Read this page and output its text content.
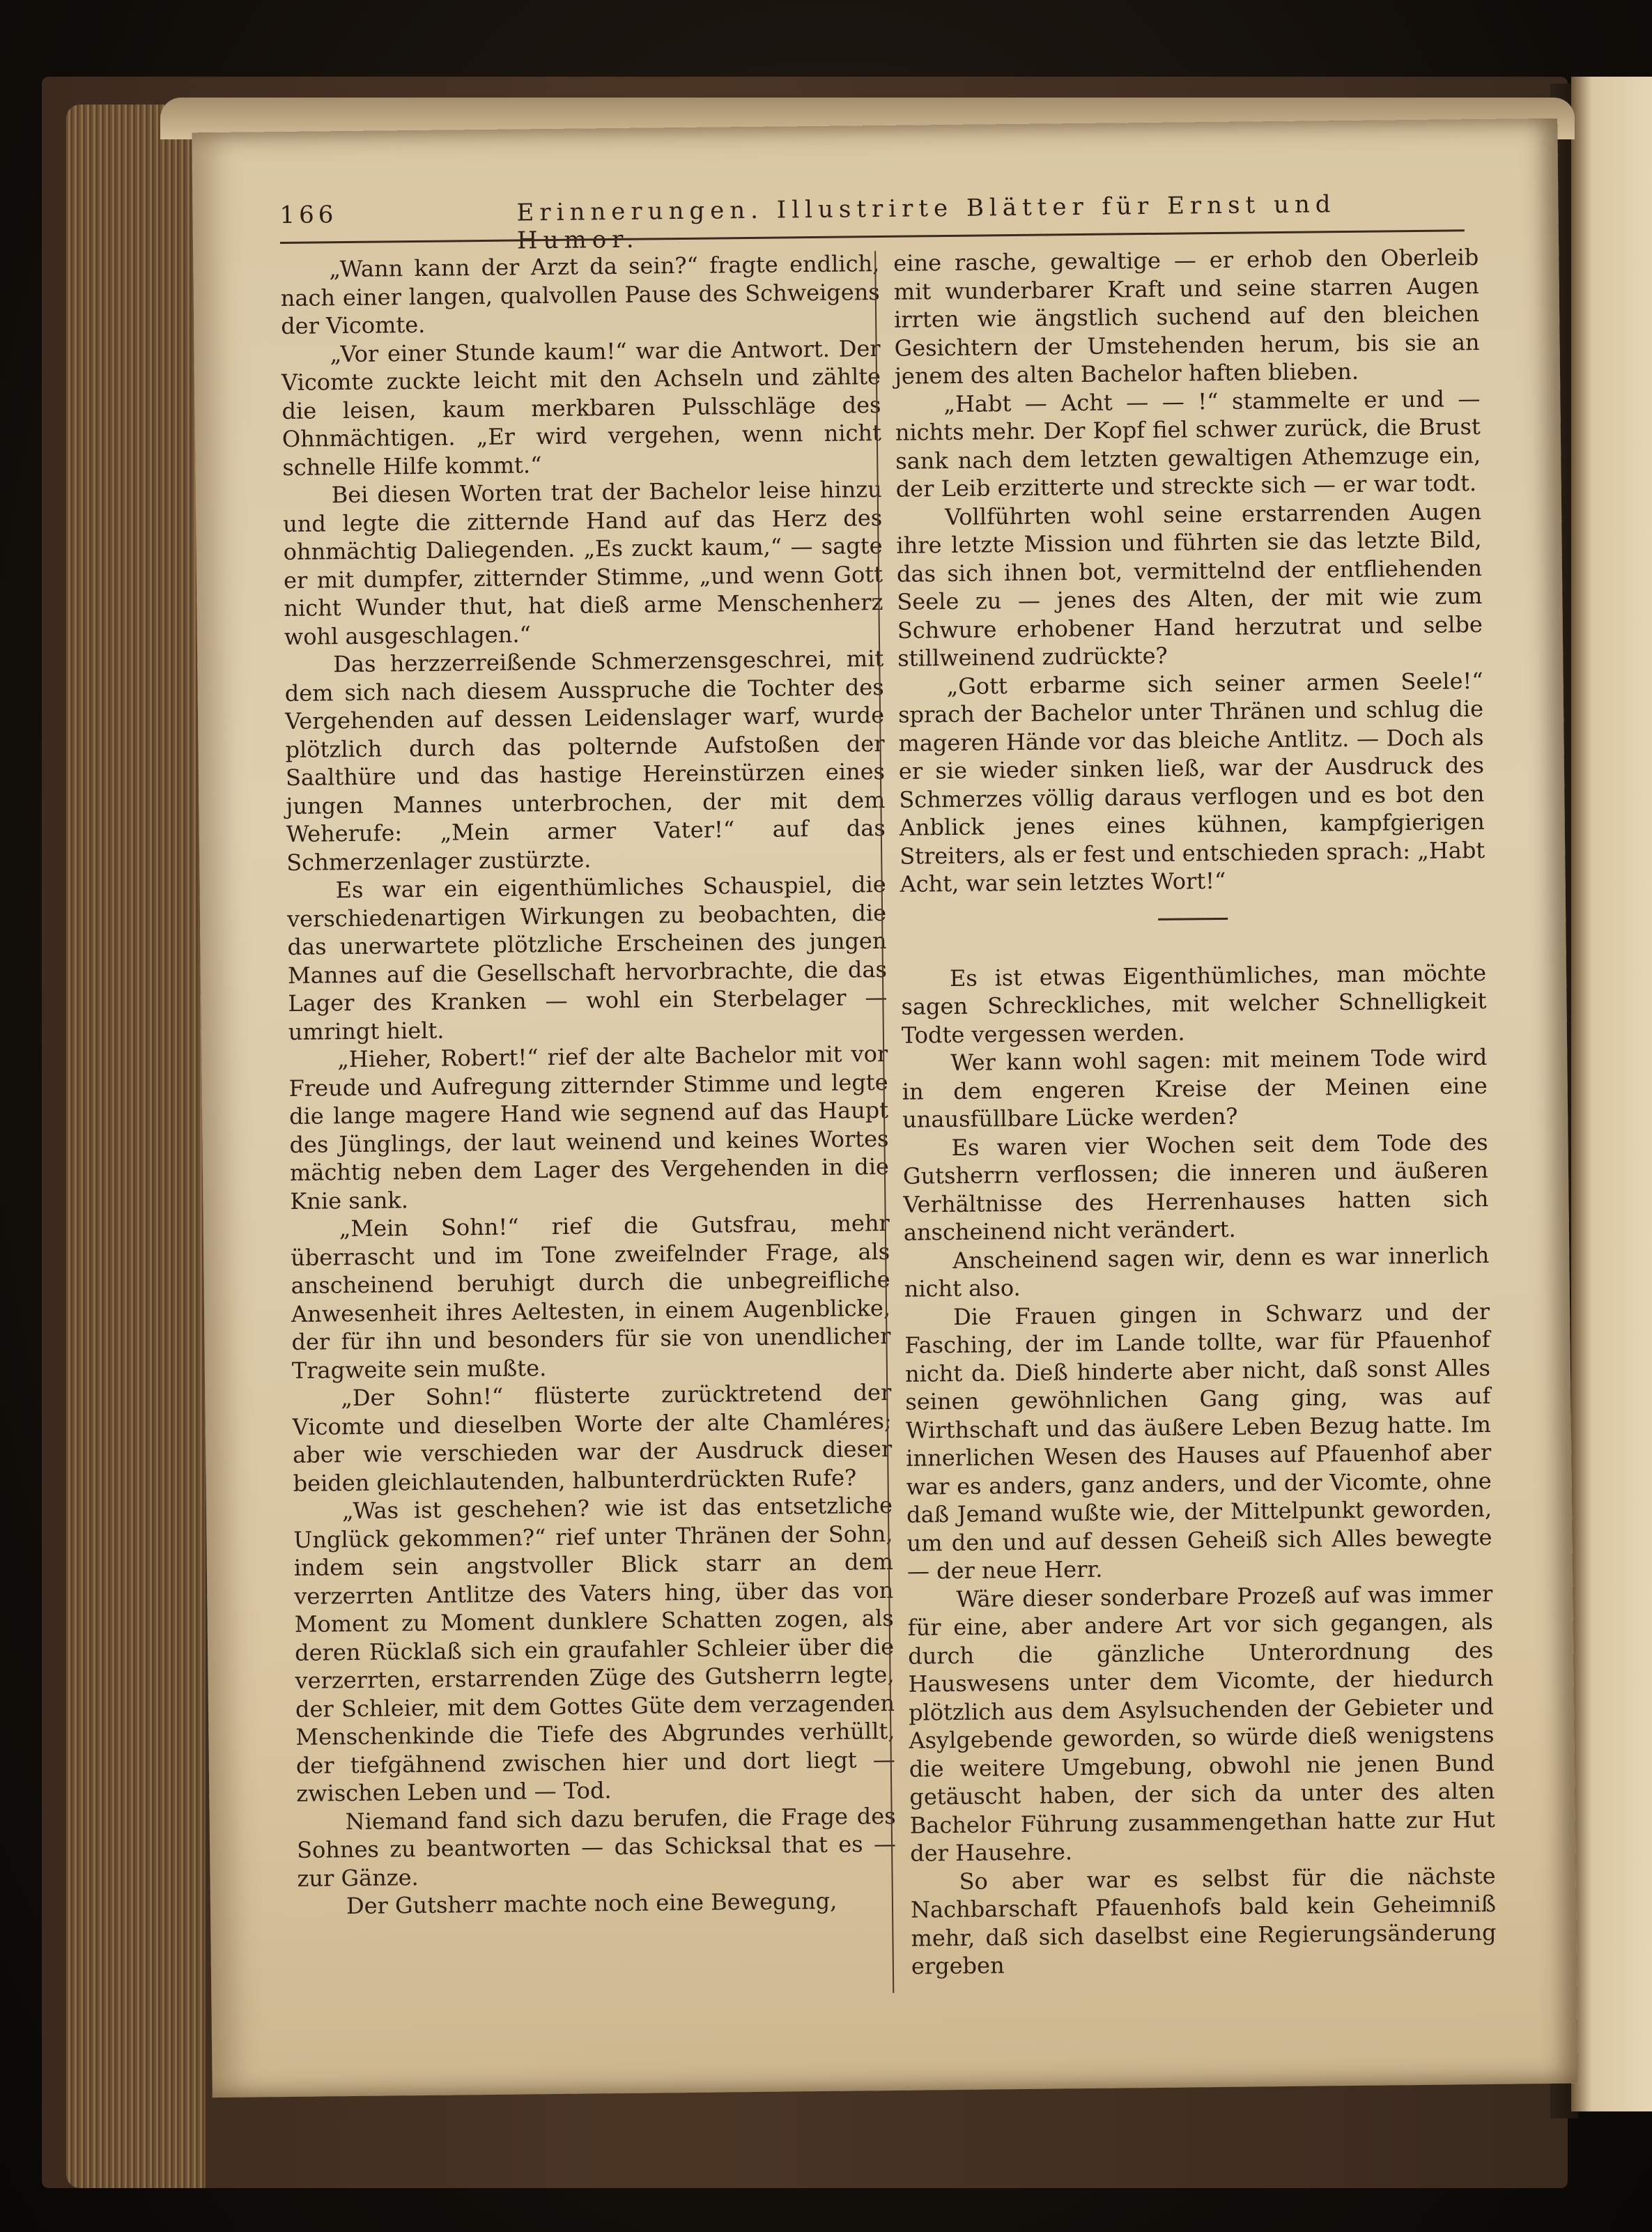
166	Erinnerungen. Illustrirte Blätter für Ernst und Humor.

„Wann kann der Arzt da sein?“ fragte endlich, nach einer langen, qualvollen Pause des Schweigens der Vicomte.

„Vor einer Stunde kaum!“ war die Antwort. Der Vicomte zuckte leicht mit den Achseln und zählte die leisen, kaum merkbaren Pulsschläge des Ohnmächtigen. „Er wird vergehen, wenn nicht schnelle Hilfe kommt.“

Bei diesen Worten trat der Bachelor leise hinzu und legte die zitternde Hand auf das Herz des ohnmächtig Daliegenden. „Es zuckt kaum,“ — sagte er mit dumpfer, zitternder Stimme, „und wenn Gott nicht Wunder thut, hat dieß arme Menschenherz wohl ausgeschlagen.“

Das herzzerreißende Schmerzensgeschrei, mit dem sich nach diesem Ausspruche die Tochter des Vergehenden auf dessen Leidenslager warf, wurde plötzlich durch das polternde Aufstoßen der Saalthüre und das hastige Hereinstürzen eines jungen Mannes unterbrochen, der mit dem Weherufe: „Mein armer Vater!“ auf das Schmerzenlager zustürzte.

Es war ein eigenthümliches Schauspiel, die verschiedenartigen Wirkungen zu beobachten, die das unerwartete plötzliche Erscheinen des jungen Mannes auf die Gesellschaft hervorbrachte, die das Lager des Kranken — wohl ein Sterbelager — umringt hielt.

„Hieher, Robert!“ rief der alte Bachelor mit vor Freude und Aufregung zitternder Stimme und legte die lange magere Hand wie segnend auf das Haupt des Jünglings, der laut weinend und keines Wortes mächtig neben dem Lager des Vergehenden in die Knie sank.

„Mein Sohn!“ rief die Gutsfrau, mehr überrascht und im Tone zweifelnder Frage, als anscheinend beruhigt durch die unbegreifliche Anwesenheit ihres Aeltesten, in einem Augenblicke, der für ihn und besonders für sie von unendlicher Tragweite sein mußte.

„Der Sohn!“ flüsterte zurücktretend der Vicomte und dieselben Worte der alte Chamléres; aber wie verschieden war der Ausdruck dieser beiden gleichlautenden, halbunterdrückten Rufe?

„Was ist geschehen? wie ist das entsetzliche Unglück gekommen?“ rief unter Thränen der Sohn, indem sein angstvoller Blick starr an dem verzerrten Antlitze des Vaters hing, über das von Moment zu Moment dunklere Schatten zogen, als deren Rücklaß sich ein graufahler Schleier über die verzerrten, erstarrenden Züge des Gutsherrn legte, der Schleier, mit dem Gottes Güte dem verzagenden Menschenkinde die Tiefe des Abgrundes verhüllt, der tiefgähnend zwischen hier und dort liegt — zwischen Leben und — Tod.

Niemand fand sich dazu berufen, die Frage des Sohnes zu beantworten — das Schicksal that es — zur Gänze.

Der Gutsherr machte noch eine Bewegung,

eine rasche, gewaltige — er erhob den Oberleib mit wunderbarer Kraft und seine starren Augen irrten wie ängstlich suchend auf den bleichen Gesichtern der Umstehenden herum, bis sie an jenem des alten Bachelor haften blieben.

„Habt — Acht — — !“ stammelte er und — nichts mehr. Der Kopf fiel schwer zurück, die Brust sank nach dem letzten gewaltigen Athemzuge ein, der Leib erzitterte und streckte sich — er war todt.

Vollführten wohl seine erstarrenden Augen ihre letzte Mission und führten sie das letzte Bild, das sich ihnen bot, vermittelnd der entfliehenden Seele zu — jenes des Alten, der mit wie zum Schwure erhobener Hand herzutrat und selbe stillweinend zudrückte?

„Gott erbarme sich seiner armen Seele!“ sprach der Bachelor unter Thränen und schlug die mageren Hände vor das bleiche Antlitz. — Doch als er sie wieder sinken ließ, war der Ausdruck des Schmerzes völlig daraus verflogen und es bot den Anblick jenes eines kühnen, kampfgierigen Streiters, als er fest und entschieden sprach: „Habt Acht, war sein letztes Wort!“

Es ist etwas Eigenthümliches, man möchte sagen Schreckliches, mit welcher Schnelligkeit Todte vergessen werden.

Wer kann wohl sagen: mit meinem Tode wird in dem engeren Kreise der Meinen eine unausfüllbare Lücke werden?

Es waren vier Wochen seit dem Tode des Gutsherrn verflossen; die inneren und äußeren Verhältnisse des Herrenhauses hatten sich anscheinend nicht verändert.

Anscheinend sagen wir, denn es war innerlich nicht also.

Die Frauen gingen in Schwarz und der Fasching, der im Lande tollte, war für Pfauenhof nicht da. Dieß hinderte aber nicht, daß sonst Alles seinen gewöhnlichen Gang ging, was auf Wirthschaft und das äußere Leben Bezug hatte. Im innerlichen Wesen des Hauses auf Pfauenhof aber war es anders, ganz anders, und der Vicomte, ohne daß Jemand wußte wie, der Mittelpunkt geworden, um den und auf dessen Geheiß sich Alles bewegte — der neue Herr.

Wäre dieser sonderbare Prozeß auf was immer für eine, aber andere Art vor sich gegangen, als durch die gänzliche Unterordnung des Hauswesens unter dem Vicomte, der hiedurch plötzlich aus dem Asylsuchenden der Gebieter und Asylgebende geworden, so würde dieß wenigstens die weitere Umgebung, obwohl nie jenen Bund getäuscht haben, der sich da unter des alten Bachelor Führung zusammengethan hatte zur Hut der Hausehre.

So aber war es selbst für die nächste Nachbarschaft Pfauenhofs bald kein Geheimniß mehr, daß sich daselbst eine Regierungsänderung ergeben
